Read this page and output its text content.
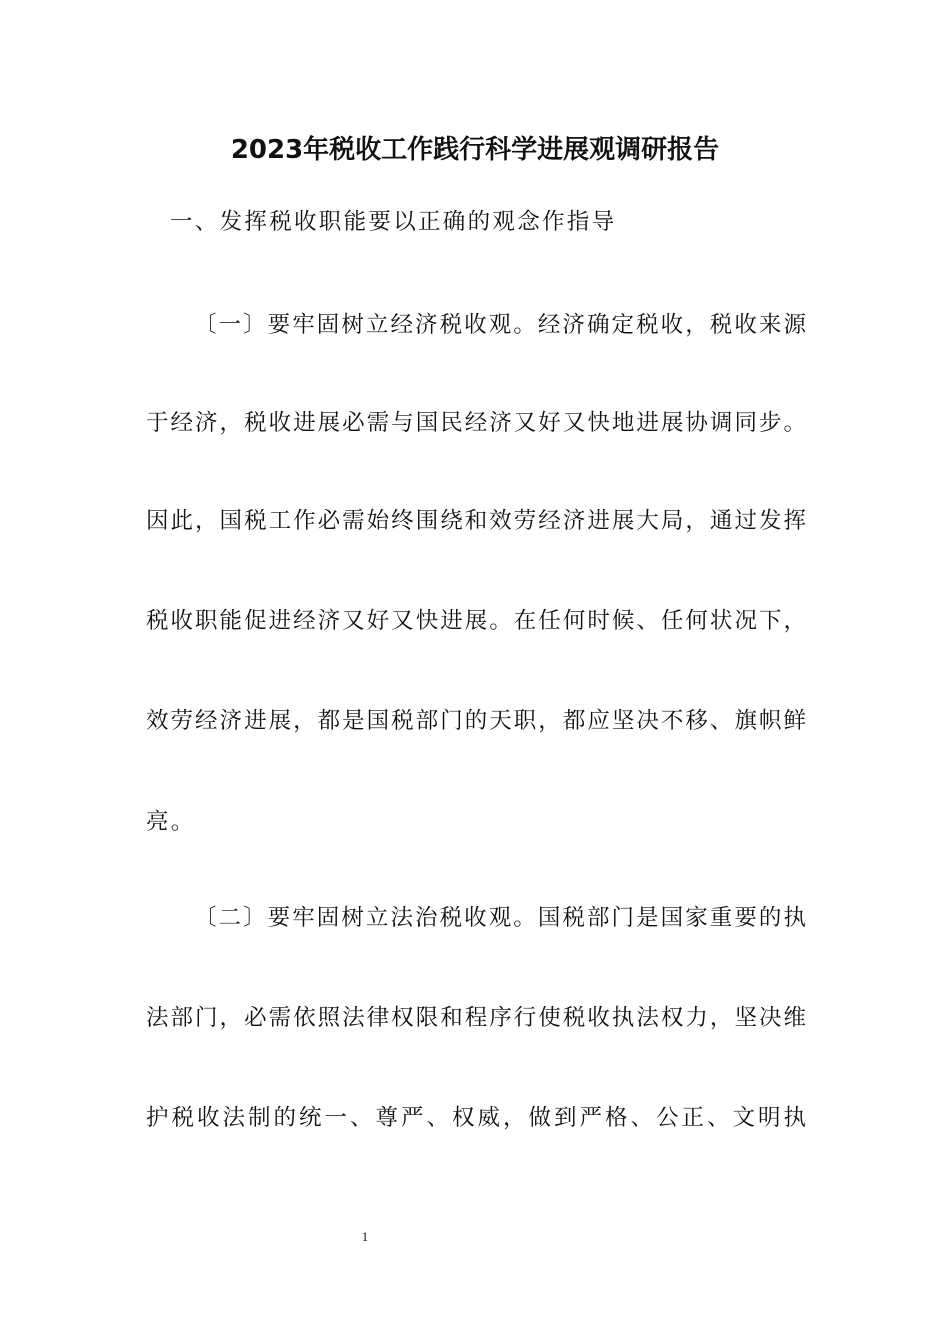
2023年税收工作践行科学进展观调研报告
一、发挥税收职能要以正确的观念作指导
〔一〕要牢固树立经济税收观。经济确定税收，税收来源
于经济，税收进展必需与国民经济又好又快地进展协调同步。
因此，国税工作必需始终围绕和效劳经济进展大局，通过发挥
税收职能促进经济又好又快进展。在任何时候、任何状况下，
效劳经济进展，都是国税部门的天职，都应坚决不移、旗帜鲜
亮。
〔二〕要牢固树立法治税收观。国税部门是国家重要的执
法部门，必需依照法律权限和程序行使税收执法权力，坚决维
护税收法制的统一、尊严、权威，做到严格、公正、文明执
1
